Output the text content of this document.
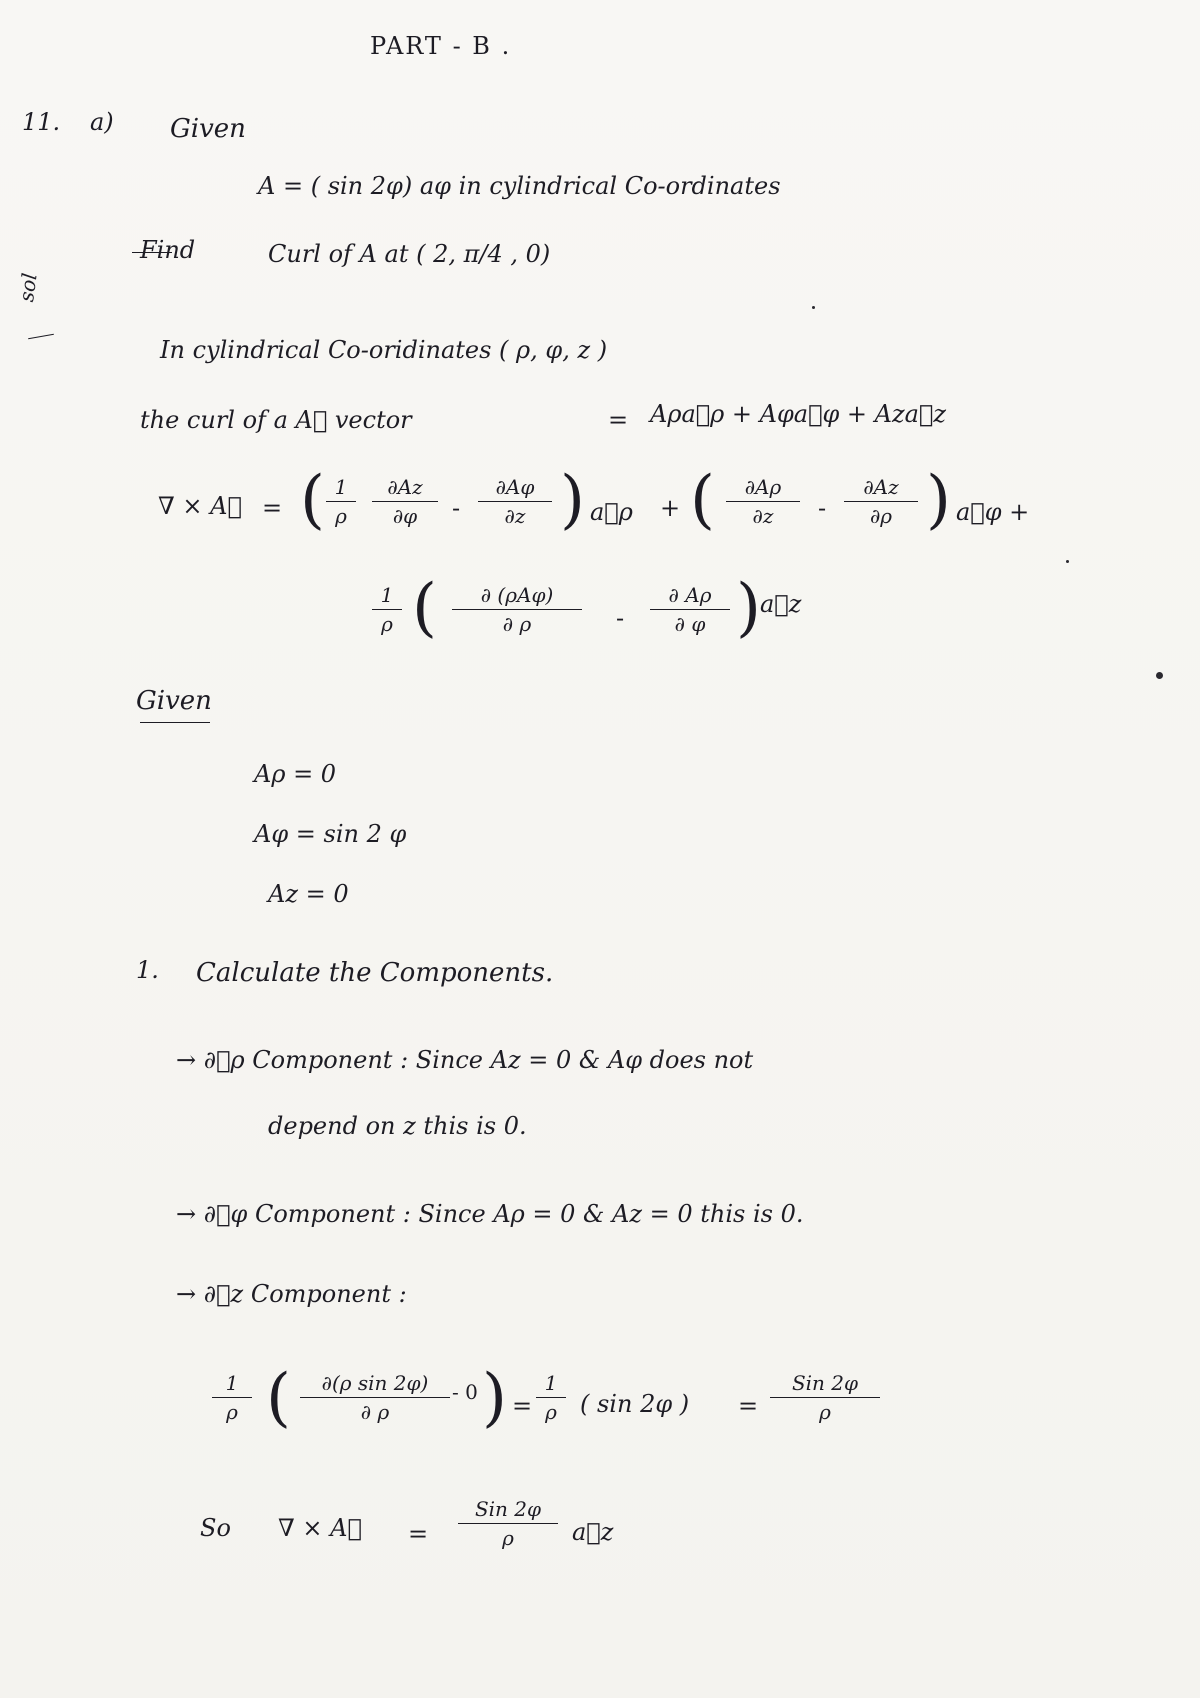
PART - B .
11. a) Given
A = ( sin 2φ) aφ in cylindrical Co-ordinates
Find	Curl of A at ( 2, π/4 , 0)
sol
In cylindrical Co-oridinates ( ρ, φ, z )
the curl of a A⃗ vector	= Aρa⃗ρ + Aφa⃗φ + Aza⃗z
∇ × A⃗ = ( 1
ρ
∂Az
∂φ	-
∂Aφ
∂z ) a⃗ρ + (	∂Aρ
∂z	-
∂Az
∂ρ ) a⃗φ +
1
ρ (	∂ (ρAφ)
∂ ρ	-
∂ Aρ
∂ φ ) a⃗z
Given
Aρ = 0
Aφ = sin 2 φ
Az = 0
1. Calculate the Components.
→ ∂⃗ρ Component : Since Az = 0 & Aφ does not
depend on z this is 0.
→ ∂⃗φ Component : Since Aρ = 0 & Az = 0 this is 0.
→ ∂⃗z Component :
1
ρ (	∂(ρ sin 2φ)
∂ ρ
- 0 ) =
1
ρ ( sin 2φ ) =
Sin 2φ
ρ
So ∇ × A⃗ =
Sin 2φ
ρ	a⃗z
